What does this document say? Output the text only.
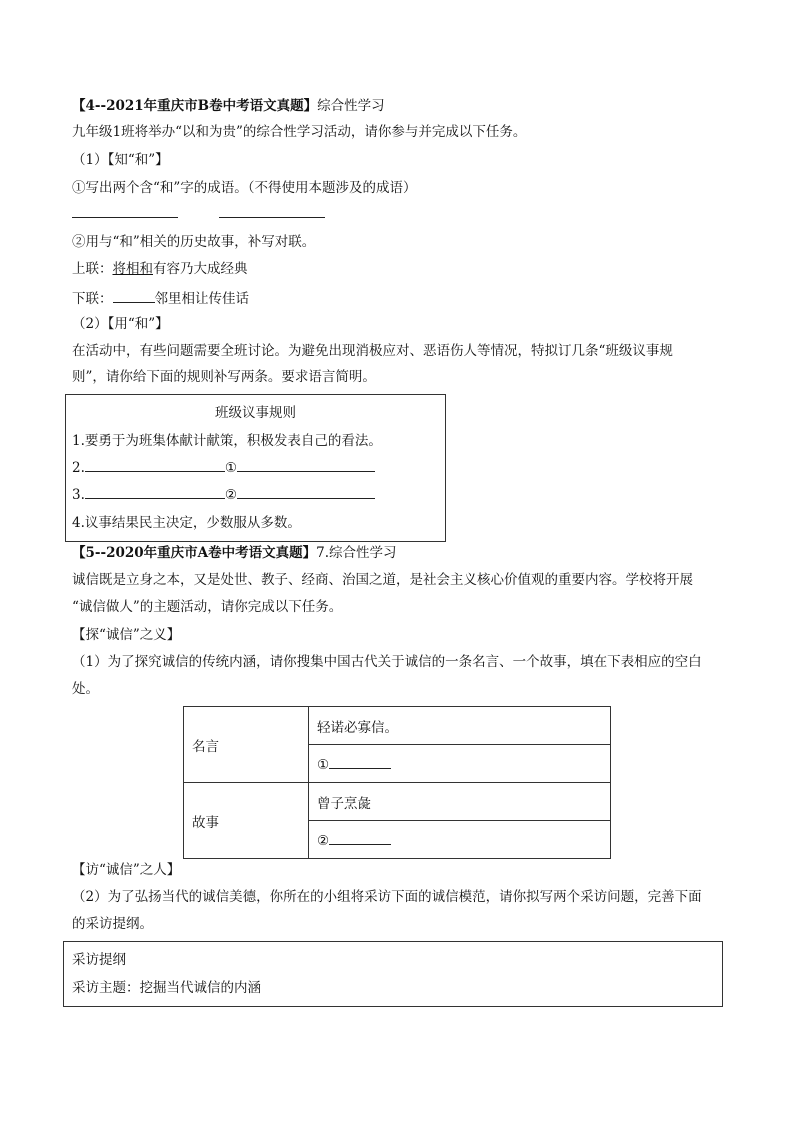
【4--2021年重庆市B卷中考语文真题】综合性学习
九年级1班将举办“以和为贵”的综合性学习活动，请你参与并完成以下任务。
（1）【知“和”】
①写出两个含“和”字的成语。（不得使用本题涉及的成语）
②用与“和”相关的历史故事，补写对联。
上联：将相和有容乃大成经典
下联：	邻里相让传佳话
（2）【用“和”】
在活动中，有些问题需要全班讨论。为避免出现消极应对、恶语伤人等情况，特拟订几条“班级议事规
则”，请你给下面的规则补写两条。要求语言简明。
班级议事规则
1.要勇于为班集体献计献策，积极发表自己的看法。
2.	①
3.	②
4.议事结果民主决定，少数服从多数。
【5--2020年重庆市A卷中考语文真题】7.综合性学习
诚信既是立身之本，又是处世、教子、经商、治国之道，是社会主义核心价值观的重要内容。学校将开展
“诚信做人”的主题活动，请你完成以下任务。
【探“诚信”之义】
（1）为了探究诚信的传统内涵，请你搜集中国古代关于诚信的一条名言、一个故事，填在下表相应的空白
处。
名言	轻诺必寡信。
	①
故事	曾子烹彘
	②
【访“诚信”之人】
（2）为了弘扬当代的诚信美德，你所在的小组将采访下面的诚信模范，请你拟写两个采访问题，完善下面
的采访提纲。
采访提纲
采访主题：挖掘当代诚信的内涵
